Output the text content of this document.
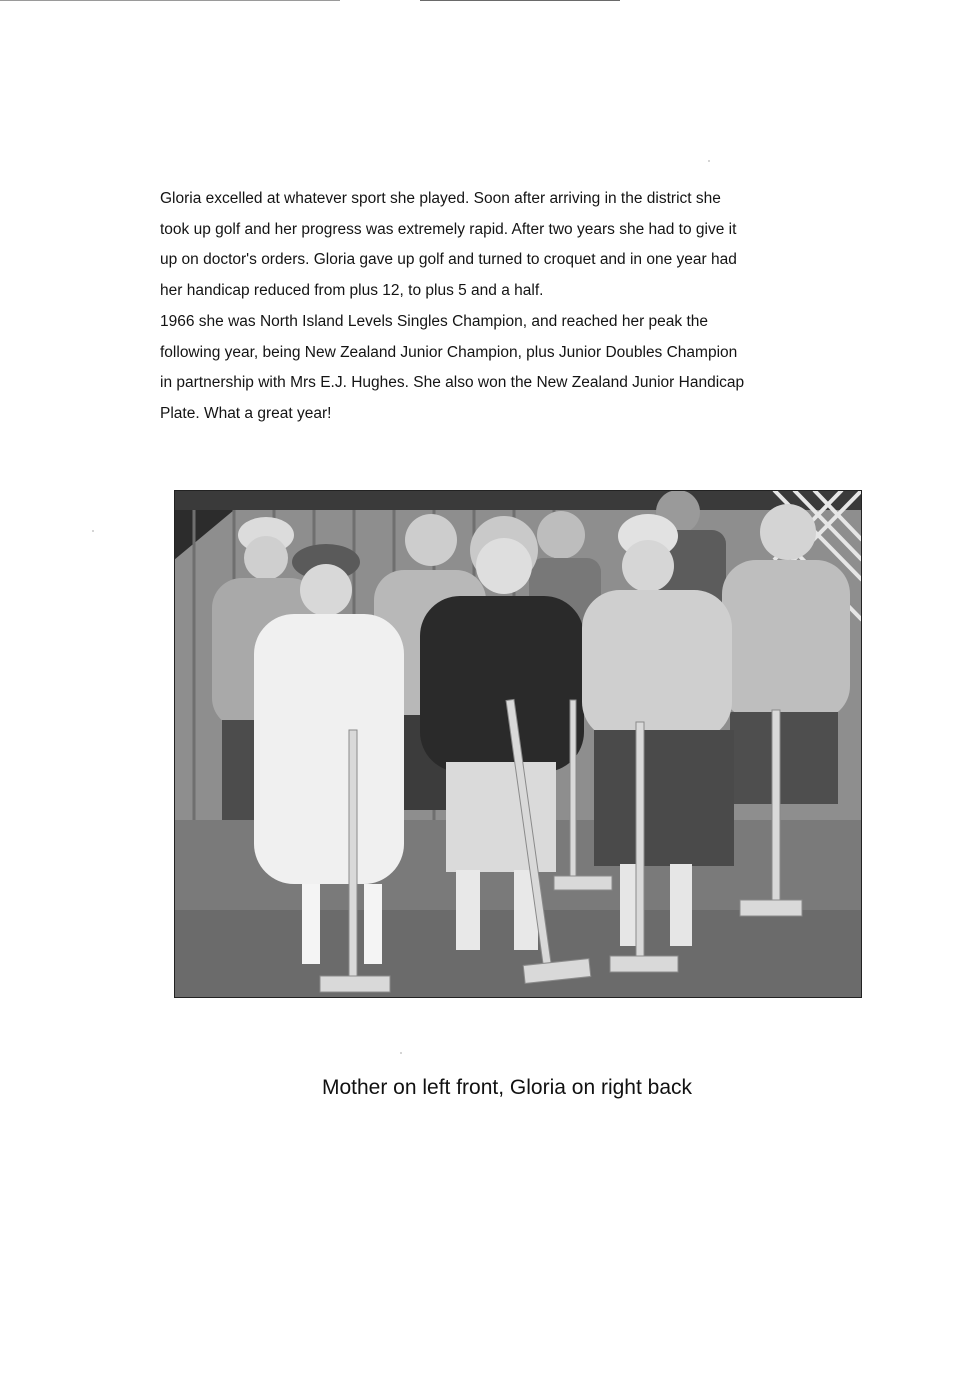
Gloria excelled at whatever sport she played. Soon after arriving in the district she

took up golf and her progress was extremely rapid. After two years she had to give it

up on doctor's orders. Gloria gave up golf and turned to croquet and in one year had

her handicap reduced from plus 12, to plus 5 and a half.

1966 she was North Island Levels Singles Champion, and reached her peak the

following year, being New Zealand Junior Champion, plus Junior Doubles Champion

in partnership with Mrs E.J. Hughes. She also won the New Zealand Junior Handicap

Plate. What a great year!

Mother on left front, Gloria on right back
